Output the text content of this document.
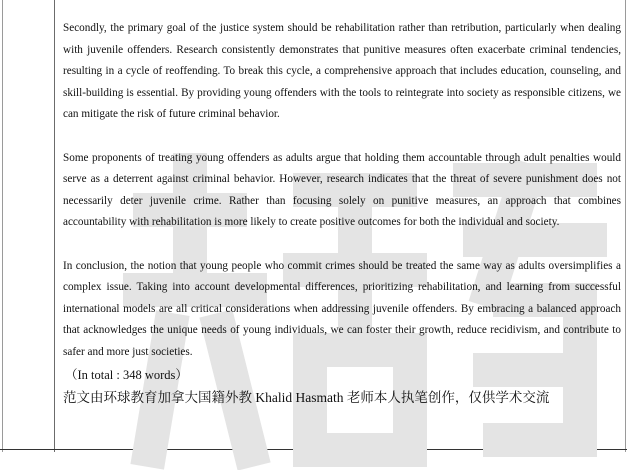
Secondly, the primary goal of the justice system should be rehabilitation rather than retribution, particularly when dealing with juvenile offenders. Research consistently demonstrates that punitive measures often exacerbate criminal tendencies, resulting in a cycle of reoffending. To break this cycle, a comprehensive approach that includes education, counseling, and skill-building is essential. By providing young offenders with the tools to reintegrate into society as responsible citizens, we can mitigate the risk of future criminal behavior.

Some proponents of treating young offenders as adults argue that holding them accountable through adult penalties would serve as a deterrent against criminal behavior. However, research indicates that the threat of severe punishment does not necessarily deter juvenile crime. Rather than focusing solely on punitive measures, an approach that combines accountability with rehabilitation is more likely to create positive outcomes for both the individual and society.

In conclusion, the notion that young people who commit crimes should be treated the same way as adults oversimplifies a complex issue. Taking into account developmental differences, prioritizing rehabilitation, and learning from successful international models are all critical considerations when addressing juvenile offenders. By embracing a balanced approach that acknowledges the unique needs of young individuals, we can foster their growth, reduce recidivism, and contribute to safer and more just societies.

（In total : 348 words）
范文由环球教育加拿大国籍外教 Khalid Hasmath 老师本人执笔创作，仅供学术交流
